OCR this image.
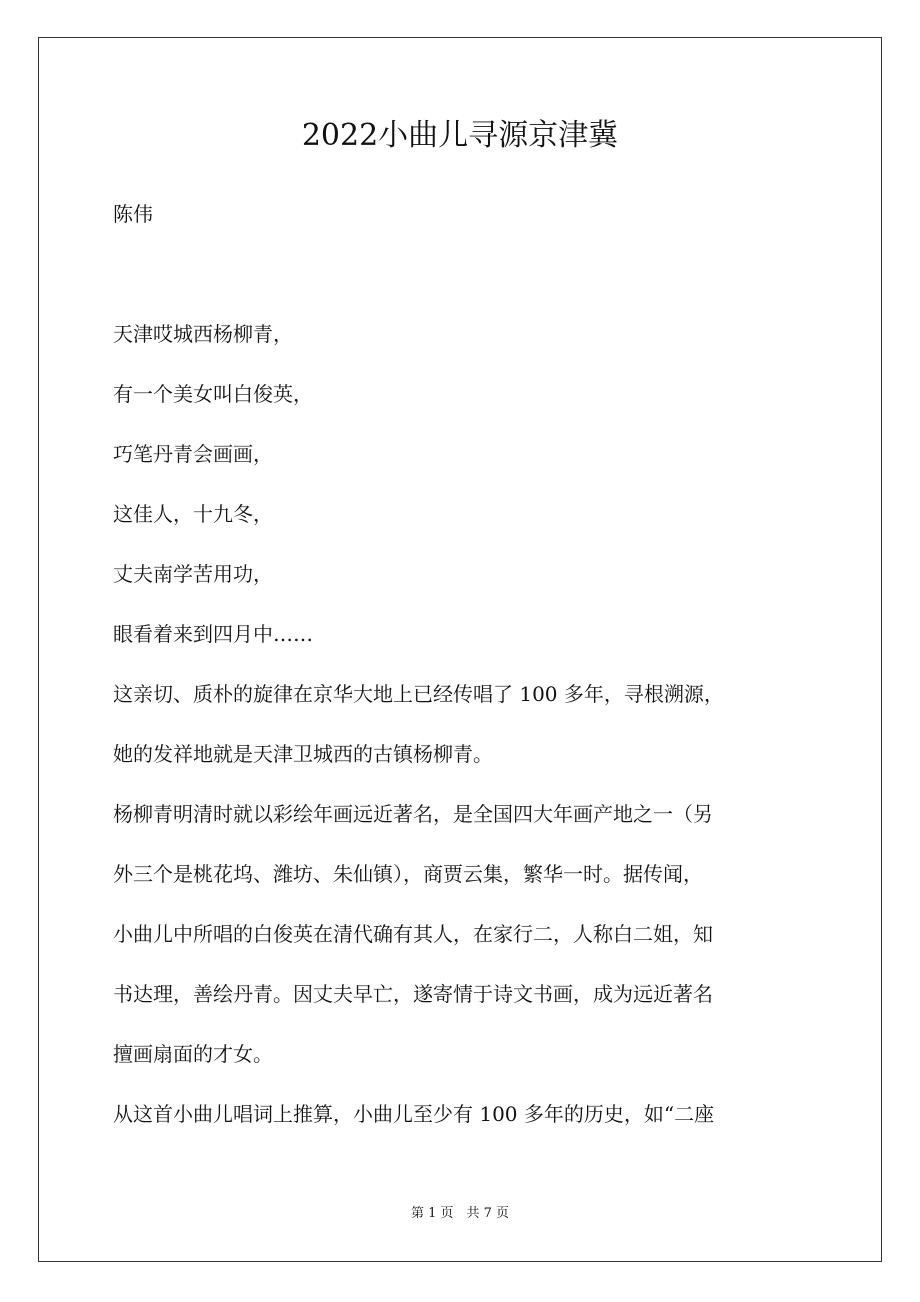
2022小曲儿寻源京津冀

陈伟

天津哎城西杨柳青，
有一个美女叫白俊英，
巧笔丹青会画画，
这佳人，十九冬，
丈夫南学苦用功，
眼看着来到四月中……
这亲切、质朴的旋律在京华大地上已经传唱了 100 多年，寻根溯源，
她的发祥地就是天津卫城西的古镇杨柳青。
杨柳青明清时就以彩绘年画远近著名，是全国四大年画产地之一（另
外三个是桃花坞、潍坊、朱仙镇），商贾云集，繁华一时。据传闻，
小曲儿中所唱的白俊英在清代确有其人，在家行二，人称白二姐，知
书达理，善绘丹青。因丈夫早亡，遂寄情于诗文书画，成为远近著名
擅画扇面的才女。
从这首小曲儿唱词上推算，小曲儿至少有 100 多年的历史，如“二座
第 1 页　共 7 页
